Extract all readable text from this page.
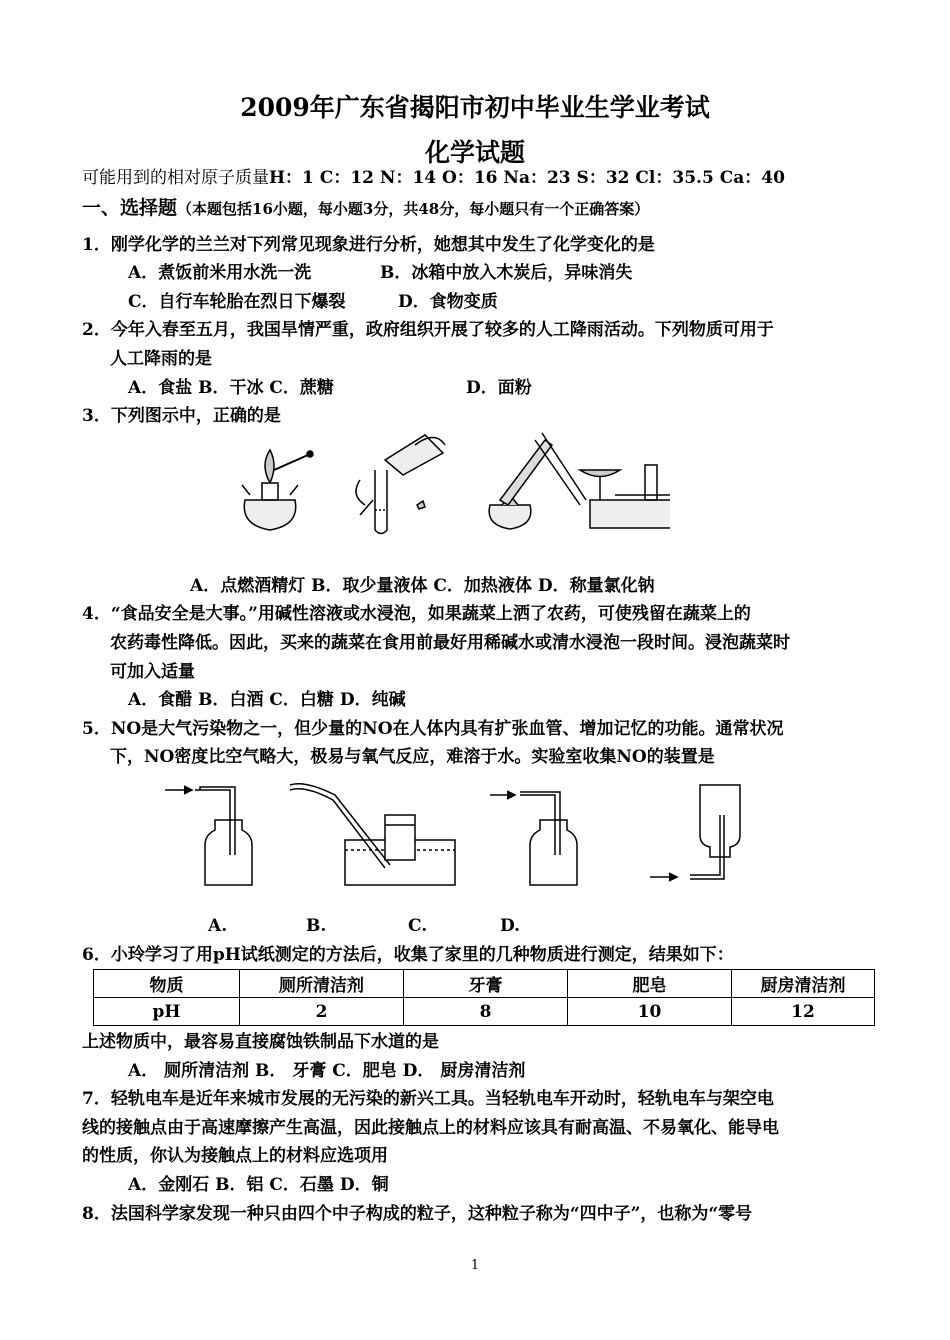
2009年广东省揭阳市初中毕业生学业考试
化学试题
可能用到的相对原子质量H：1 C：12 N：14 O：16 Na：23 S：32 Cl：35.5 Ca：40
一、选择题（本题包括16小题，每小题3分，共48分，每小题只有一个正确答案）
1．刚学化学的兰兰对下列常见现象进行分析，她想其中发生了化学变化的是
A．煮饭前米用水洗一洗	B．冰箱中放入木炭后，异味消失
C．自行车轮胎在烈日下爆裂	D．食物变质
2．今年入春至五月，我国旱情严重，政府组织开展了较多的人工降雨活动。下列物质可用于
人工降雨的是
A．食盐 B．干冰 C．蔗糖	D．面粉
3．下列图示中，正确的是
A．点燃酒精灯 B．取少量液体 C．加热液体 D．称量氯化钠
4．“食品安全是大事。”用碱性溶液或水浸泡，如果蔬菜上洒了农药，可使残留在蔬菜上的
农药毒性降低。因此，买来的蔬菜在食用前最好用稀碱水或清水浸泡一段时间。浸泡蔬菜时
可加入适量
A．食醋 B．白酒 C．白糖 D．纯碱
5．NO是大气污染物之一，但少量的NO在人体内具有扩张血管、增加记忆的功能。通常状况
下，NO密度比空气略大，极易与氧气反应，难溶于水。实验室收集NO的装置是
A.	B.	C.	D.
6．小玲学习了用pH试纸测定的方法后，收集了家里的几种物质进行测定，结果如下：
物质	厕所清洁剂	牙膏	肥皂	厨房清洁剂
pH	2	8	10	12
上述物质中，最容易直接腐蚀铁制品下水道的是
A． 厕所清洁剂 B． 牙膏 C．肥皂 D． 厨房清洁剂
7．轻轨电车是近年来城市发展的无污染的新兴工具。当轻轨电车开动时，轻轨电车与架空电
线的接触点由于高速摩擦产生高温，因此接触点上的材料应该具有耐高温、不易氧化、能导电
的性质，你认为接触点上的材料应选项用
A．金刚石 B．铝 C．石墨 D．铜
8．法国科学家发现一种只由四个中子构成的粒子，这种粒子称为“四中子”，也称为“零号
1
